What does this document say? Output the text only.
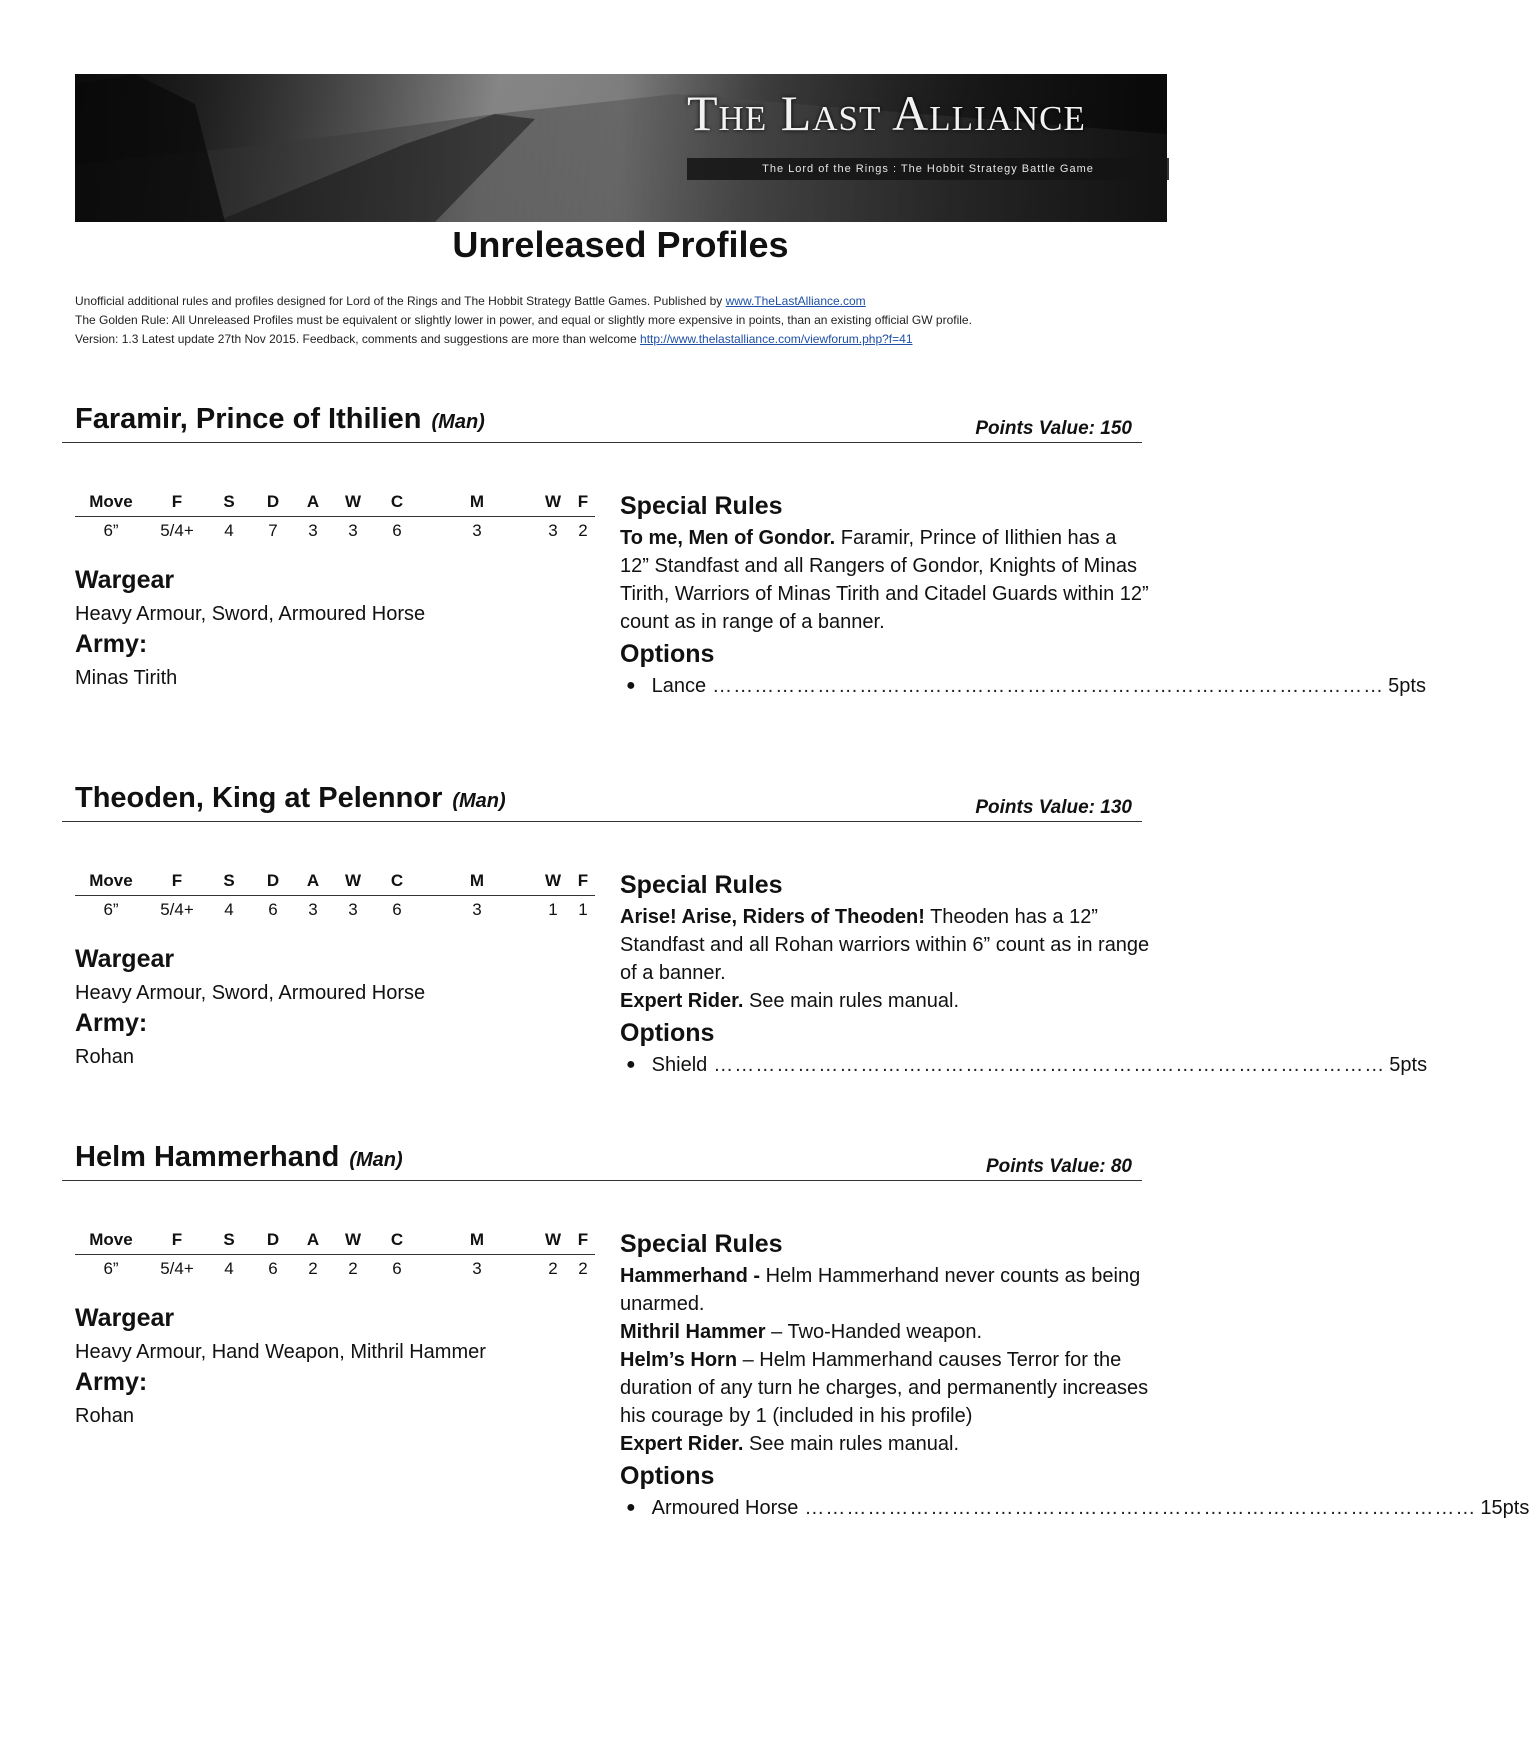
The Last Alliance
The Lord of the Rings : The Hobbit Strategy Battle Game
Unreleased Profiles
Unofficial additional rules and profiles designed for Lord of the Rings and The Hobbit Strategy Battle Games. Published by www.TheLastAlliance.com
The Golden Rule: All Unreleased Profiles must be equivalent or slightly lower in power, and equal or slightly more expensive in points, than an existing official GW profile.
Version: 1.3 Latest update 27th Nov 2015. Feedback, comments and suggestions are more than welcome http://www.thelastalliance.com/viewforum.php?f=41
Faramir, Prince of Ithilien (Man)	Points Value: 150
Move	F	S	D	A	W	C	M	W	F
6”	5/4+	4	7	3	3	6	3	3	2
Wargear
Heavy Armour, Sword, Armoured Horse
Army:
Minas Tirith
Special Rules
To me, Men of Gondor. Faramir, Prince of Ilithien has a 12” Standfast and all Rangers of Gondor, Knights of Minas Tirith, Warriors of Minas Tirith and Citadel Guards within 12” count as in range of a banner.
Options
● Lance …………………………………………………………………………………… 5pts
Theoden, King at Pelennor (Man)	Points Value: 130
Move	F	S	D	A	W	C	M	W	F
6”	5/4+	4	6	3	3	6	3	1	1
Wargear
Heavy Armour, Sword, Armoured Horse
Army:
Rohan
Special Rules
Arise! Arise, Riders of Theoden! Theoden has a 12” Standfast and all Rohan warriors within 6” count as in range of a banner.
Expert Rider. See main rules manual.
Options
● Shield …………………………………………………………………………………… 5pts
Helm Hammerhand (Man)	Points Value: 80
Move	F	S	D	A	W	C	M	W	F
6”	5/4+	4	6	2	2	6	3	2	2
Wargear
Heavy Armour, Hand Weapon, Mithril Hammer
Army:
Rohan
Special Rules
Hammerhand - Helm Hammerhand never counts as being unarmed.
Mithril Hammer – Two-Handed weapon.
Helm’s Horn – Helm Hammerhand causes Terror for the duration of any turn he charges, and permanently increases his courage by 1 (included in his profile)
Expert Rider. See main rules manual.
Options
● Armoured Horse …………………………………………………………………………………… 15pts
